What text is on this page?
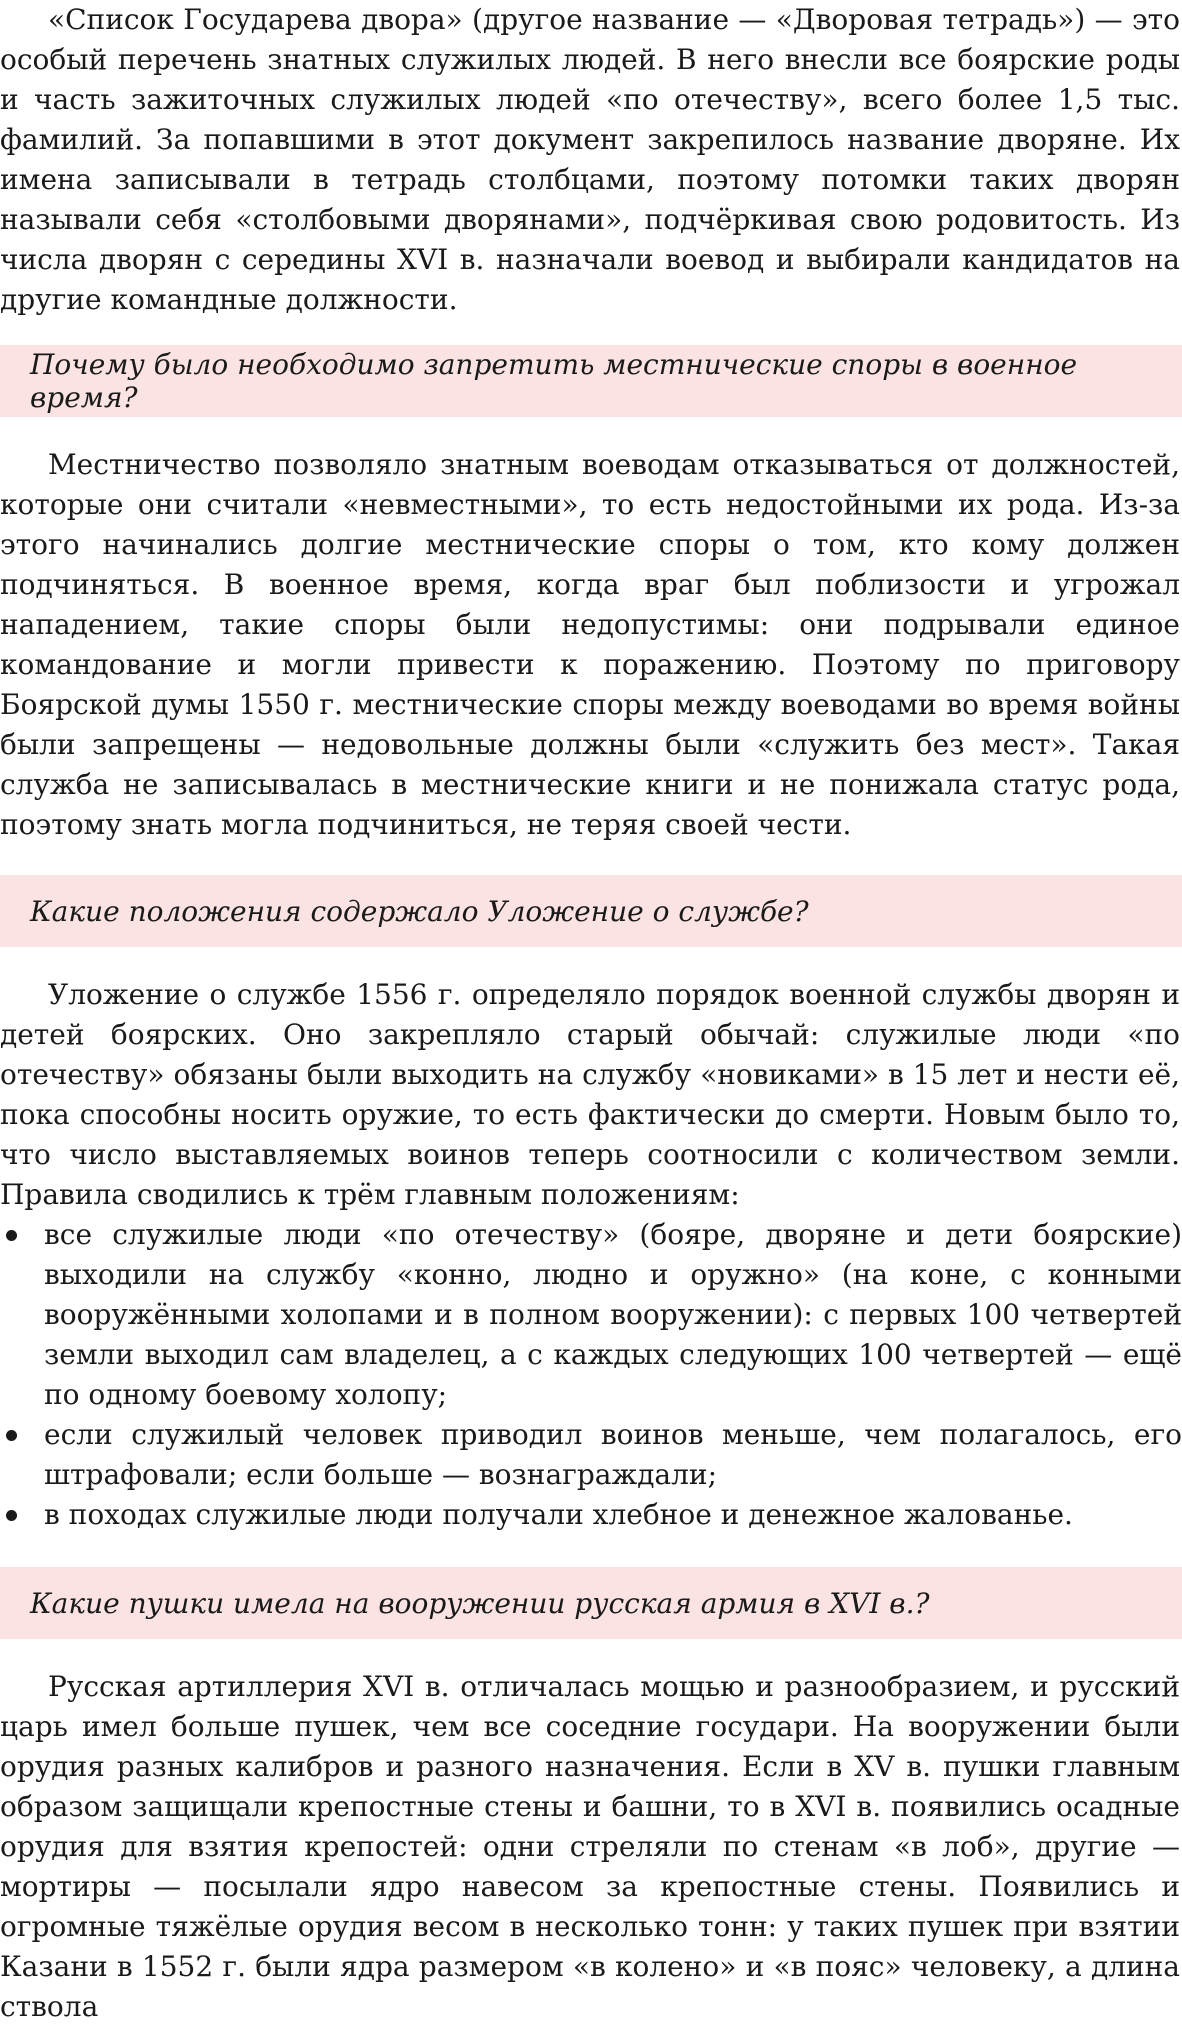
«Список Государева двора» (другое название — «Дворовая тетрадь») — это особый перечень знатных служилых людей. В него внесли все боярские роды и часть зажиточных служилых людей «по отечеству», всего более 1,5 тыс. фамилий. За попавшими в этот документ закрепилось название дворяне. Их имена записывали в тетрадь столбцами, поэтому потомки таких дворян называли себя «столбовыми дворянами», подчёркивая свою родовитость. Из числа дворян с середины XVI в. назначали воевод и выбирали кандидатов на другие командные должности.

Почему было необходимо запретить местнические споры в военное время?

Местничество позволяло знатным воеводам отказываться от должностей, которые они считали «невместными», то есть недостойными их рода. Из-за этого начинались долгие местнические споры о том, кто кому должен подчиняться. В военное время, когда враг был поблизости и угрожал нападением, такие споры были недопустимы: они подрывали единое командование и могли привести к поражению. Поэтому по приговору Боярской думы 1550 г. местнические споры между воеводами во время войны были запрещены — недовольные должны были «служить без мест». Такая служба не записывалась в местнические книги и не понижала статус рода, поэтому знать могла подчиниться, не теряя своей чести.

Какие положения содержало Уложение о службе?

Уложение о службе 1556 г. определяло порядок военной службы дворян и детей боярских. Оно закрепляло старый обычай: служилые люди «по отечеству» обязаны были выходить на службу «новиками» в 15 лет и нести её, пока способны носить оружие, то есть фактически до смерти. Новым было то, что число выставляемых воинов теперь соотносили с количеством земли. Правила сводились к трём главным положениям:

все служилые люди «по отечеству» (бояре, дворяне и дети боярские) выходили на службу «конно, людно и оружно» (на коне, с конными вооружёнными холопами и в полном вооружении): с первых 100 четвертей земли выходил сам владелец, а с каждых следующих 100 четвертей — ещё по одному боевому холопу;
если служилый человек приводил воинов меньше, чем полагалось, его штрафовали; если больше — вознаграждали;
в походах служилые люди получали хлебное и денежное жалованье.
Какие пушки имела на вооружении русская армия в XVI в.?

Русская артиллерия XVI в. отличалась мощью и разнообразием, и русский царь имел больше пушек, чем все соседние государи. На вооружении были орудия разных калибров и разного назначения. Если в XV в. пушки главным образом защищали крепостные стены и башни, то в XVI в. появились осадные орудия для взятия крепостей: одни стреляли по стенам «в лоб», другие — мортиры — посылали ядро навесом за крепостные стены. Появились и огромные тяжёлые орудия весом в несколько тонн: у таких пушек при взятии Казани в 1552 г. были ядра размером «в колено» и «в пояс» человеку, а длина ствола
